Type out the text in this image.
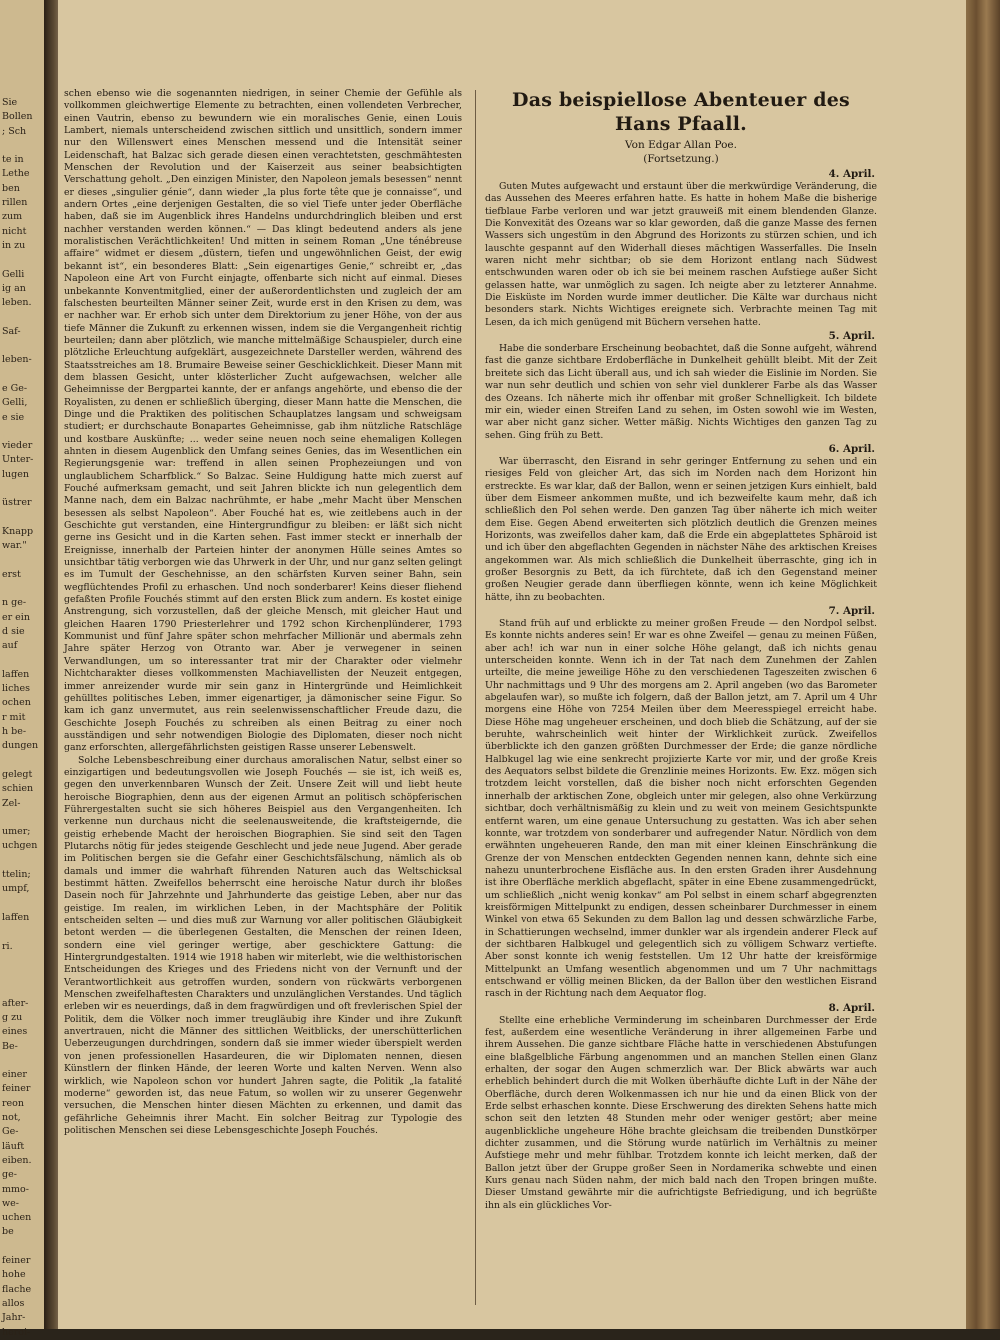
Sie
Bollen
; Sch

te in
Lethe
ben
rillen
zum
nicht
in zu

Gelli
ig an
leben.

Saf-

leben-

e Ge-
Gelli,
e sie

vieder
Unter-
lugen

üstrer

Knapp
war."

erst

n ge-
er ein
d sie
auf

laffen
liches
ochen
r mit
h be-
dungen

gelegt
schien
Zel-

umer;
uchgen

ttelin;
umpf,

laffen

ri.

after-
g zu
eines
Be-

einer
feiner
reon
not,
Ge-
läuft
eiben.
ge-
mmo-
we-
uchen
be

feiner
hohe
flache
allos
Jahr-
heroi-

schen ebenso wie die sogenannten niedrigen, in seiner Chemie der Gefühle als vollkommen gleichwertige Elemente zu betrachten, einen vollendeten Verbrecher, einen Vautrin, ebenso zu bewundern wie ein moralisches Genie, einen Louis Lambert, niemals unterscheidend zwischen sittlich und unsittlich, sondern immer nur den Willenswert eines Menschen messend und die Intensität seiner Leidenschaft, hat Balzac sich gerade diesen einen verachtetsten, geschmähtesten Menschen der Revolution und der Kaiserzeit aus seiner beabsichtigten Verschattung geholt. „Den einzigen Minister, den Napoleon jemals besessen“ nennt er dieses „singulier génie“, dann wieder „la plus forte tête que je connaisse“, und andern Ortes „eine derjenigen Gestalten, die so viel Tiefe unter jeder Oberfläche haben, daß sie im Augenblick ihres Handelns undurchdringlich bleiben und erst nachher verstanden werden können.“ — Das klingt bedeutend anders als jene moralistischen Verächtlichkeiten! Und mitten in seinem Roman „Une ténébreuse affaire“ widmet er diesem „düstern, tiefen und ungewöhnlichen Geist, der ewig bekannt ist“, ein besonderes Blatt: „Sein eigenartiges Genie,“ schreibt er, „das Napoleon eine Art von Furcht einjagte, offenbarte sich nicht auf einmal. Dieses unbekannte Konventmitglied, einer der außerordentlichsten und zugleich der am falschesten beurteilten Männer seiner Zeit, wurde erst in den Krisen zu dem, was er nachher war. Er erhob sich unter dem Direktorium zu jener Höhe, von der aus tiefe Männer die Zukunft zu erkennen wissen, indem sie die Vergangenheit richtig beurteilen; dann aber plötzlich, wie manche mittelmäßige Schauspieler, durch eine plötzliche Erleuchtung aufgeklärt, ausgezeichnete Darsteller werden, während des Staatsstreiches am 18. Brumaire Beweise seiner Geschicklichkeit. Dieser Mann mit dem blassen Gesicht, unter klösterlicher Zucht aufgewachsen, welcher alle Geheimnisse der Bergpartei kannte, der er anfangs angehörte, und ebenso die der Royalisten, zu denen er schließlich überging, dieser Mann hatte die Menschen, die Dinge und die Praktiken des politischen Schauplatzes langsam und schweigsam studiert; er durchschaute Bonapartes Geheimnisse, gab ihm nützliche Ratschläge und kostbare Auskünfte; ... weder seine neuen noch seine ehemaligen Kollegen ahnten in diesem Augenblick den Umfang seines Genies, das im Wesentlichen ein Regierungsgenie war: treffend in allen seinen Prophezeiungen und von unglaublichem Scharfblick.“ So Balzac. Seine Huldigung hatte mich zuerst auf Fouché aufmerksam gemacht, und seit Jahren blickte ich nun gelegentlich dem Manne nach, dem ein Balzac nachrühmte, er habe „mehr Macht über Menschen besessen als selbst Napoleon“. Aber Fouché hat es, wie zeitlebens auch in der Geschichte gut verstanden, eine Hintergrundfigur zu bleiben: er läßt sich nicht gerne ins Gesicht und in die Karten sehen. Fast immer steckt er innerhalb der Ereignisse, innerhalb der Parteien hinter der anonymen Hülle seines Amtes so unsichtbar tätig verborgen wie das Uhrwerk in der Uhr, und nur ganz selten gelingt es im Tumult der Geschehnisse, an den schärfsten Kurven seiner Bahn, sein wegflüchtendes Profil zu erhaschen. Und noch sonderbarer! Keins dieser fliehend gefaßten Profile Fouchés stimmt auf den ersten Blick zum andern. Es kostet einige Anstrengung, sich vorzustellen, daß der gleiche Mensch, mit gleicher Haut und gleichen Haaren 1790 Priesterlehrer und 1792 schon Kirchenplünderer, 1793 Kommunist und fünf Jahre später schon mehrfacher Millionär und abermals zehn Jahre später Herzog von Otranto war. Aber je verwegener in seinen Verwandlungen, um so interessanter trat mir der Charakter oder vielmehr Nichtcharakter dieses vollkommensten Machiavellisten der Neuzeit entgegen, immer anreizender wurde mir sein ganz in Hintergründe und Heimlichkeit gehülltes politisches Leben, immer eigenartiger, ja dämonischer seine Figur. So kam ich ganz unvermutet, aus rein seelenwissenschaftlicher Freude dazu, die Geschichte Joseph Fouchés zu schreiben als einen Beitrag zu einer noch ausständigen und sehr notwendigen Biologie des Diplomaten, dieser noch nicht ganz erforschten, allergefährlichsten geistigen Rasse unserer Lebenswelt.

Solche Lebensbeschreibung einer durchaus amoralischen Natur, selbst einer so einzigartigen und bedeutungsvollen wie Joseph Fouchés — sie ist, ich weiß es, gegen den unverkennbaren Wunsch der Zeit. Unsere Zeit will und liebt heute heroische Biographien, denn aus der eigenen Armut an politisch schöpferischen Führergestalten sucht sie sich höheres Beispiel aus den Vergangenheiten. Ich verkenne nun durchaus nicht die seelenausweitende, die kraftsteigernde, die geistig erhebende Macht der heroischen Biographien. Sie sind seit den Tagen Plutarchs nötig für jedes steigende Geschlecht und jede neue Jugend. Aber gerade im Politischen bergen sie die Gefahr einer Geschichtsfälschung, nämlich als ob damals und immer die wahrhaft führenden Naturen auch das Weltschicksal bestimmt hätten. Zweifellos beherrscht eine heroische Natur durch ihr bloßes Dasein noch für Jahrzehnte und Jahrhunderte das geistige Leben, aber nur das geistige. Im realen, im wirklichen Leben, in der Machtsphäre der Politik entscheiden selten — und dies muß zur Warnung vor aller politischen Gläubigkeit betont werden — die überlegenen Gestalten, die Menschen der reinen Ideen, sondern eine viel geringer wertige, aber geschicktere Gattung: die Hintergrundgestalten. 1914 wie 1918 haben wir miterlebt, wie die welthistorischen Entscheidungen des Krieges und des Friedens nicht von der Vernunft und der Verantwortlichkeit aus getroffen wurden, sondern von rückwärts verborgenen Menschen zweifelhaftesten Charakters und unzulänglichen Verstandes. Und täglich erleben wir es neuerdings, daß in dem fragwürdigen und oft frevlerischen Spiel der Politik, dem die Völker noch immer treugläubig ihre Kinder und ihre Zukunft anvertrauen, nicht die Männer des sittlichen Weitblicks, der unerschütterlichen Ueberzeugungen durchdringen, sondern daß sie immer wieder überspielt werden von jenen professionellen Hasardeuren, die wir Diplomaten nennen, diesen Künstlern der flinken Hände, der leeren Worte und kalten Nerven. Wenn also wirklich, wie Napoleon schon vor hundert Jahren sagte, die Politik „la fatalité moderne“ geworden ist, das neue Fatum, so wollen wir zu unserer Gegenwehr versuchen, die Menschen hinter diesen Mächten zu erkennen, und damit das gefährliche Geheimnis ihrer Macht. Ein solcher Beitrag zur Typologie des politischen Menschen sei diese Lebensgeschichte Joseph Fouchés.

Das beispiellose Abenteuer des Hans Pfaall.

Von Edgar Allan Poe.

(Fortsetzung.)

4. April.

Guten Mutes aufgewacht und erstaunt über die merkwürdige Veränderung, die das Aussehen des Meeres erfahren hatte. Es hatte in hohem Maße die bisherige tiefblaue Farbe verloren und war jetzt grauweiß mit einem blendenden Glanze. Die Konvexität des Ozeans war so klar geworden, daß die ganze Masse des fernen Wassers sich ungestüm in den Abgrund des Horizonts zu stürzen schien, und ich lauschte gespannt auf den Widerhall dieses mächtigen Wasserfalles. Die Inseln waren nicht mehr sichtbar; ob sie dem Horizont entlang nach Südwest entschwunden waren oder ob ich sie bei meinem raschen Aufstiege außer Sicht gelassen hatte, war unmöglich zu sagen. Ich neigte aber zu letzterer Annahme. Die Eisküste im Norden wurde immer deutlicher. Die Kälte war durchaus nicht besonders stark. Nichts Wichtiges ereignete sich. Verbrachte meinen Tag mit Lesen, da ich mich genügend mit Büchern versehen hatte.

5. April.

Habe die sonderbare Erscheinung beobachtet, daß die Sonne aufgeht, während fast die ganze sichtbare Erdoberfläche in Dunkelheit gehüllt bleibt. Mit der Zeit breitete sich das Licht überall aus, und ich sah wieder die Eislinie im Norden. Sie war nun sehr deutlich und schien von sehr viel dunklerer Farbe als das Wasser des Ozeans. Ich näherte mich ihr offenbar mit großer Schnelligkeit. Ich bildete mir ein, wieder einen Streifen Land zu sehen, im Osten sowohl wie im Westen, war aber nicht ganz sicher. Wetter mäßig. Nichts Wichtiges den ganzen Tag zu sehen. Ging früh zu Bett.

6. April.

War überrascht, den Eisrand in sehr geringer Entfernung zu sehen und ein riesiges Feld von gleicher Art, das sich im Norden nach dem Horizont hin erstreckte. Es war klar, daß der Ballon, wenn er seinen jetzigen Kurs einhielt, bald über dem Eismeer ankommen mußte, und ich bezweifelte kaum mehr, daß ich schließlich den Pol sehen werde. Den ganzen Tag über näherte ich mich weiter dem Eise. Gegen Abend erweiterten sich plötzlich deutlich die Grenzen meines Horizonts, was zweifellos daher kam, daß die Erde ein abgeplattetes Sphäroid ist und ich über den abgeflachten Gegenden in nächster Nähe des arktischen Kreises angekommen war. Als mich schließlich die Dunkelheit überraschte, ging ich in großer Besorgnis zu Bett, da ich fürchtete, daß ich den Gegenstand meiner großen Neugier gerade dann überfliegen könnte, wenn ich keine Möglichkeit hätte, ihn zu beobachten.

7. April.

Stand früh auf und erblickte zu meiner großen Freude — den Nordpol selbst. Es konnte nichts anderes sein! Er war es ohne Zweifel — genau zu meinen Füßen, aber ach! ich war nun in einer solche Höhe gelangt, daß ich nichts genau unterscheiden konnte. Wenn ich in der Tat nach dem Zunehmen der Zahlen urteilte, die meine jeweilige Höhe zu den verschiedenen Tageszeiten zwischen 6 Uhr nachmittags und 9 Uhr des morgens am 2. April angeben (wo das Barometer abgelaufen war), so mußte ich folgern, daß der Ballon jetzt, am 7. April um 4 Uhr morgens eine Höhe von 7254 Meilen über dem Meeresspiegel erreicht habe. Diese Höhe mag ungeheuer erscheinen, und doch blieb die Schätzung, auf der sie beruhte, wahrscheinlich weit hinter der Wirklichkeit zurück. Zweifellos überblickte ich den ganzen größten Durchmesser der Erde; die ganze nördliche Halbkugel lag wie eine senkrecht projizierte Karte vor mir, und der große Kreis des Aequators selbst bildete die Grenzlinie meines Horizonts. Ew. Exz. mögen sich trotzdem leicht vorstellen, daß die bisher noch nicht erforschten Gegenden innerhalb der arktischen Zone, obgleich unter mir gelegen, also ohne Verkürzung sichtbar, doch verhältnismäßig zu klein und zu weit von meinem Gesichtspunkte entfernt waren, um eine genaue Untersuchung zu gestatten. Was ich aber sehen konnte, war trotzdem von sonderbarer und aufregender Natur. Nördlich von dem erwähnten ungeheueren Rande, den man mit einer kleinen Einschränkung die Grenze der von Menschen entdeckten Gegenden nennen kann, dehnte sich eine nahezu ununterbrochene Eisfläche aus. In den ersten Graden ihrer Ausdehnung ist ihre Oberfläche merklich abgeflacht, später in eine Ebene zusammengedrückt, um schließlich „nicht wenig konkav“ am Pol selbst in einem scharf abgegrenzten kreisförmigen Mittelpunkt zu endigen, dessen scheinbarer Durchmesser in einem Winkel von etwa 65 Sekunden zu dem Ballon lag und dessen schwärzliche Farbe, in Schattierungen wechselnd, immer dunkler war als irgendein anderer Fleck auf der sichtbaren Halbkugel und gelegentlich sich zu völligem Schwarz vertiefte. Aber sonst konnte ich wenig feststellen. Um 12 Uhr hatte der kreisförmige Mittelpunkt an Umfang wesentlich abgenommen und um 7 Uhr nachmittags entschwand er völlig meinen Blicken, da der Ballon über den westlichen Eisrand rasch in der Richtung nach dem Aequator flog.

8. April.

Stellte eine erhebliche Verminderung im scheinbaren Durchmesser der Erde fest, außerdem eine wesentliche Veränderung in ihrer allgemeinen Farbe und ihrem Aussehen. Die ganze sichtbare Fläche hatte in verschiedenen Abstufungen eine blaßgelbliche Färbung angenommen und an manchen Stellen einen Glanz erhalten, der sogar den Augen schmerzlich war. Der Blick abwärts war auch erheblich behindert durch die mit Wolken überhäufte dichte Luft in der Nähe der Oberfläche, durch deren Wolkenmassen ich nur hie und da einen Blick von der Erde selbst erhaschen konnte. Diese Erschwerung des direkten Sehens hatte mich schon seit den letzten 48 Stunden mehr oder weniger gestört; aber meine augenblickliche ungeheure Höhe brachte gleichsam die treibenden Dunstkörper dichter zusammen, und die Störung wurde natürlich im Verhältnis zu meiner Aufstiege mehr und mehr fühlbar. Trotzdem konnte ich leicht merken, daß der Ballon jetzt über der Gruppe großer Seen in Nordamerika schwebte und einen Kurs genau nach Süden nahm, der mich bald nach den Tropen bringen mußte. Dieser Umstand gewährte mir die aufrichtigste Befriedigung, und ich begrüßte ihn als ein glückliches Vor-
